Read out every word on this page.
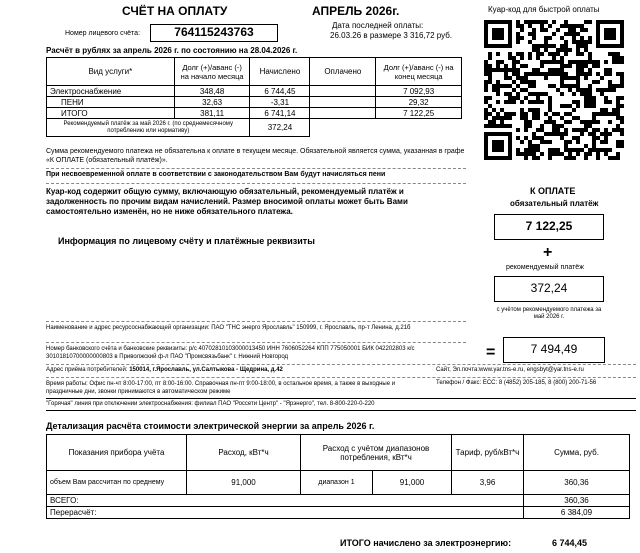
СЧЁТ НА ОПЛАТУ	АПРЕЛЬ 2026г.	Куар-код для быстрой оплаты
Номер лицевого счёта:	764115243763	Дата последней оплаты:
26.03.26 в размере 3 316,72 руб.
Расчёт в рублях за апрель 2026 г. по состоянию на 28.04.2026 г.
Вид услуги*	Долг (+)/аванс (-) на начало месяца	Начислено	Оплачено	Долг (+)/аванс (-) на конец месяца
Электроснабжение	348,48	6 744,45		7 092,93
ПЕНИ	32,63	-3,31		29,32
ИТОГО	381,11	6 741,14		7 122,25
Рекомендуемый платёж за май 2026 г. (по среднемесячному потреблению или нормативу)		372,24		
Сумма рекомендуемого платежа не обязательна к оплате в текущем месяце. Обязательной является сумма, указанная в графе «К ОПЛАТЕ (обязательный платёж)».
При несвоевременной оплате в соответствии с законодательством Вам будут начисляться пени
Куар-код содержит общую сумму, включающую обязательный, рекомендуемый платёж и задолженность по прочим видам начислений. Размер вносимой оплаты может быть Вами самостоятельно изменён, но не ниже обязательного платежа.
Информация по лицевому счёту и платёжные реквизиты
К ОПЛАТЕ
обязательный платёж
7 122,25
+
рекомендуемый платёж
372,24
с учётом рекомендуемого платежа за май 2026 г.
=	7 494,49
Наименование и адрес ресурсоснабжающей организации: ПАО "ТНС энерго Ярославль" 150999, г. Ярославль, пр-т Ленина, д.21б
Номер банковского счёта и банковские реквизиты: р/с 40702810103000013450 ИНН 7606052264 КПП 775050001 БИК 042202803 к/с 30101810700000000803 в Приволжский ф-л ПАО "Промсвязьбанк" г. Нижний Новгород
Адрес приёма потребителей: 150014, г.Ярославль, ул.Салтыкова - Щедрина, д.42	Сайт, Эл.почта:www.yar.tns-e.ru, engsbyt@yar.tns-e.ru
Время работы: Офис пн-чт 8:00-17:00, пт 8:00-16:00. Справочная пн-пт 9:00-18:00, в остальное время, а также в выходные и праздничные дни, звонки принимаются в автоматическом режиме
Телефон / Факс: ЕСС: 8 (4852) 205-185, 8 (800) 200-71-56
"Горячая" линия при отключении электроснабжения: филиал ПАО "Россети Центр" - "Ярэнерго", тел. 8-800-220-0-220
Детализация расчёта стоимости электрической энергии за апрель 2026 г.
Показания прибора учёта	Расход, кВт*ч	Расход с учётом диапазонов потребления, кВт*ч		Тариф, руб/кВт*ч	Сумма, руб.
объем Вам рассчитан по среднему	91,000	диапазон 1	91,000	3,96	360,36
ВСЕГО:					360,36
Перерасчёт:					6 384,09
ИТОГО начислено за электроэнергию:	6 744,45
